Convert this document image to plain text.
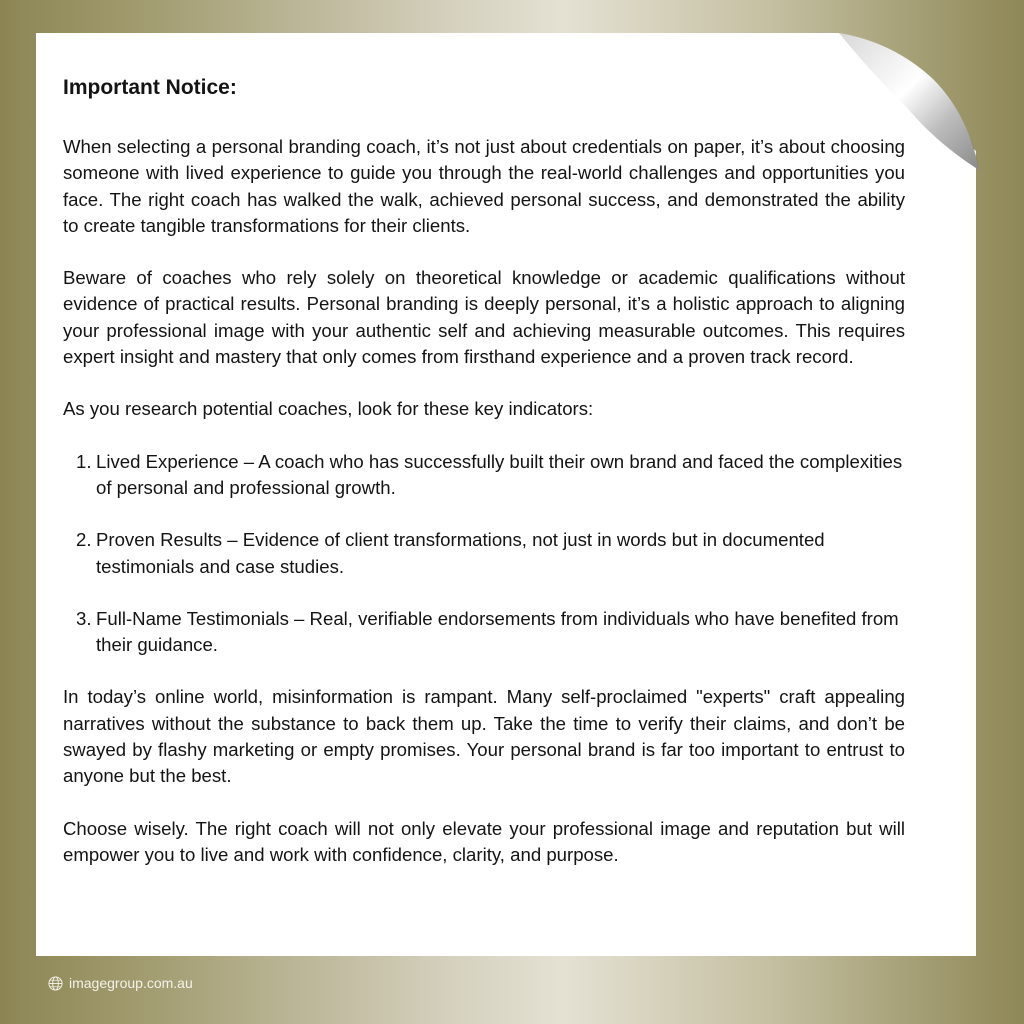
Important Notice:

When selecting a personal branding coach, it’s not just about credentials on paper, it’s about choosing someone with lived experience to guide you through the real-world challenges and opportunities you face. The right coach has walked the walk, achieved personal success, and demonstrated the ability to create tangible transformations for their clients.

Beware of coaches who rely solely on theoretical knowledge or academic qualifications without evidence of practical results. Personal branding is deeply personal, it’s a holistic approach to aligning your professional image with your authentic self and achieving measurable outcomes. This requires expert insight and mastery that only comes from firsthand experience and a proven track record.

As you research potential coaches, look for these key indicators:

1. Lived Experience – A coach who has successfully built their own brand and faced the complexities of personal and professional growth.
2. Proven Results – Evidence of client transformations, not just in words but in documented testimonials and case studies.
3. Full-Name Testimonials – Real, verifiable endorsements from individuals who have benefited from their guidance.

In today’s online world, misinformation is rampant. Many self-proclaimed "experts" craft appealing narratives without the substance to back them up. Take the time to verify their claims, and don’t be swayed by flashy marketing or empty promises. Your personal brand is far too important to entrust to anyone but the best.

Choose wisely. The right coach will not only elevate your professional image and reputation but will empower you to live and work with confidence, clarity, and purpose.

imagegroup.com.au
